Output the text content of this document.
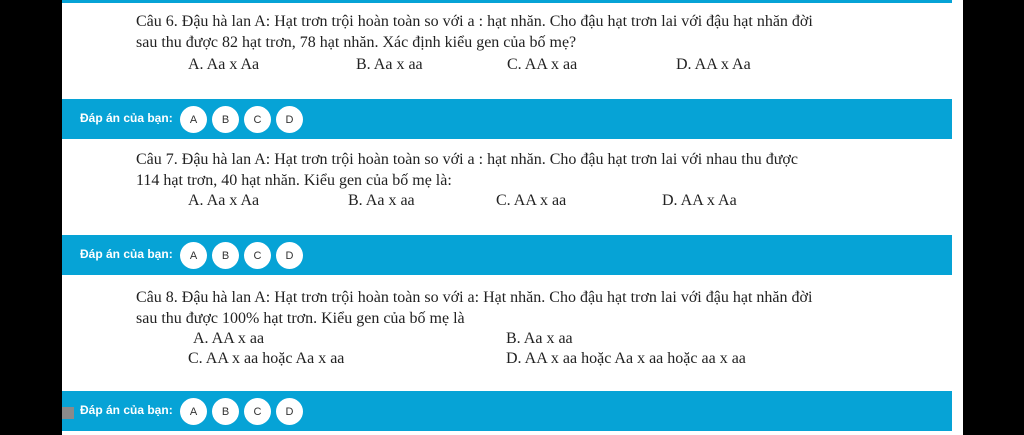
Câu 6. Đậu hà lan A: Hạt trơn trội hoàn toàn so với a : hạt nhăn. Cho đậu hạt trơn lai với đậu hạt nhăn đời
sau thu được 82 hạt trơn, 78 hạt nhăn. Xác định kiểu gen của bố mẹ?
A. Aa x Aa	B. Aa x aa	C. AA x aa	D. AA x Aa
Đáp án của bạn:	A	B	C	D
Câu 7. Đậu hà lan A: Hạt trơn trội hoàn toàn so với a : hạt nhăn. Cho đậu hạt trơn lai với nhau thu được
114 hạt trơn, 40 hạt nhăn. Kiểu gen của bố mẹ là:
A. Aa x Aa	B. Aa x aa	C. AA x aa	D. AA x Aa
Đáp án của bạn:	A	B	C	D
Câu 8. Đậu hà lan A: Hạt trơn trội hoàn toàn so với a: Hạt nhăn. Cho đậu hạt trơn lai với đậu hạt nhăn đời
sau thu được 100% hạt trơn. Kiểu gen của bố mẹ là
A. AA x aa	B. Aa x aa
C. AA x aa hoặc Aa x aa	D. AA x aa hoặc Aa x aa hoặc aa x aa
Đáp án của bạn:	A	B	C	D
